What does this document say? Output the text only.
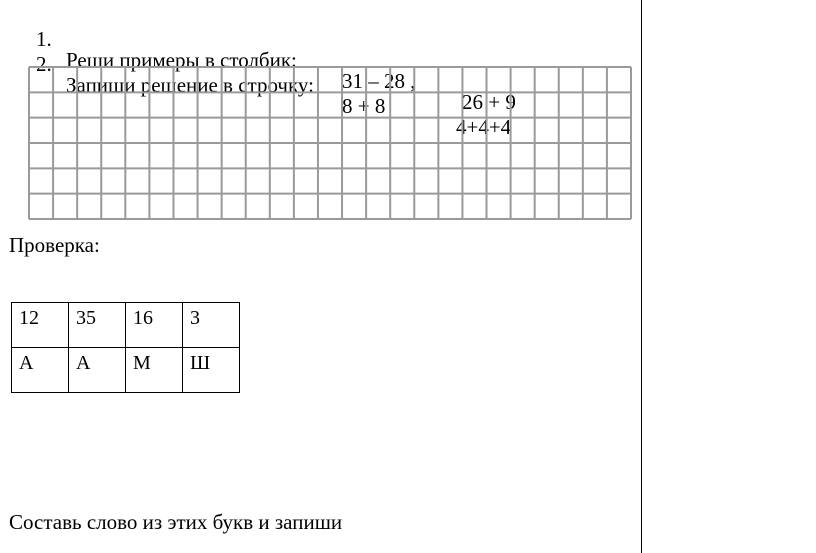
1.

Реши примеры в столбик:

31 – 28 ,

26 + 9

2.

Запиши решение в строчку:

8 + 8

4+4+4

Проверка:
12	35	16	3
А	А	М	Ш
Составь слово из этих букв и запиши
